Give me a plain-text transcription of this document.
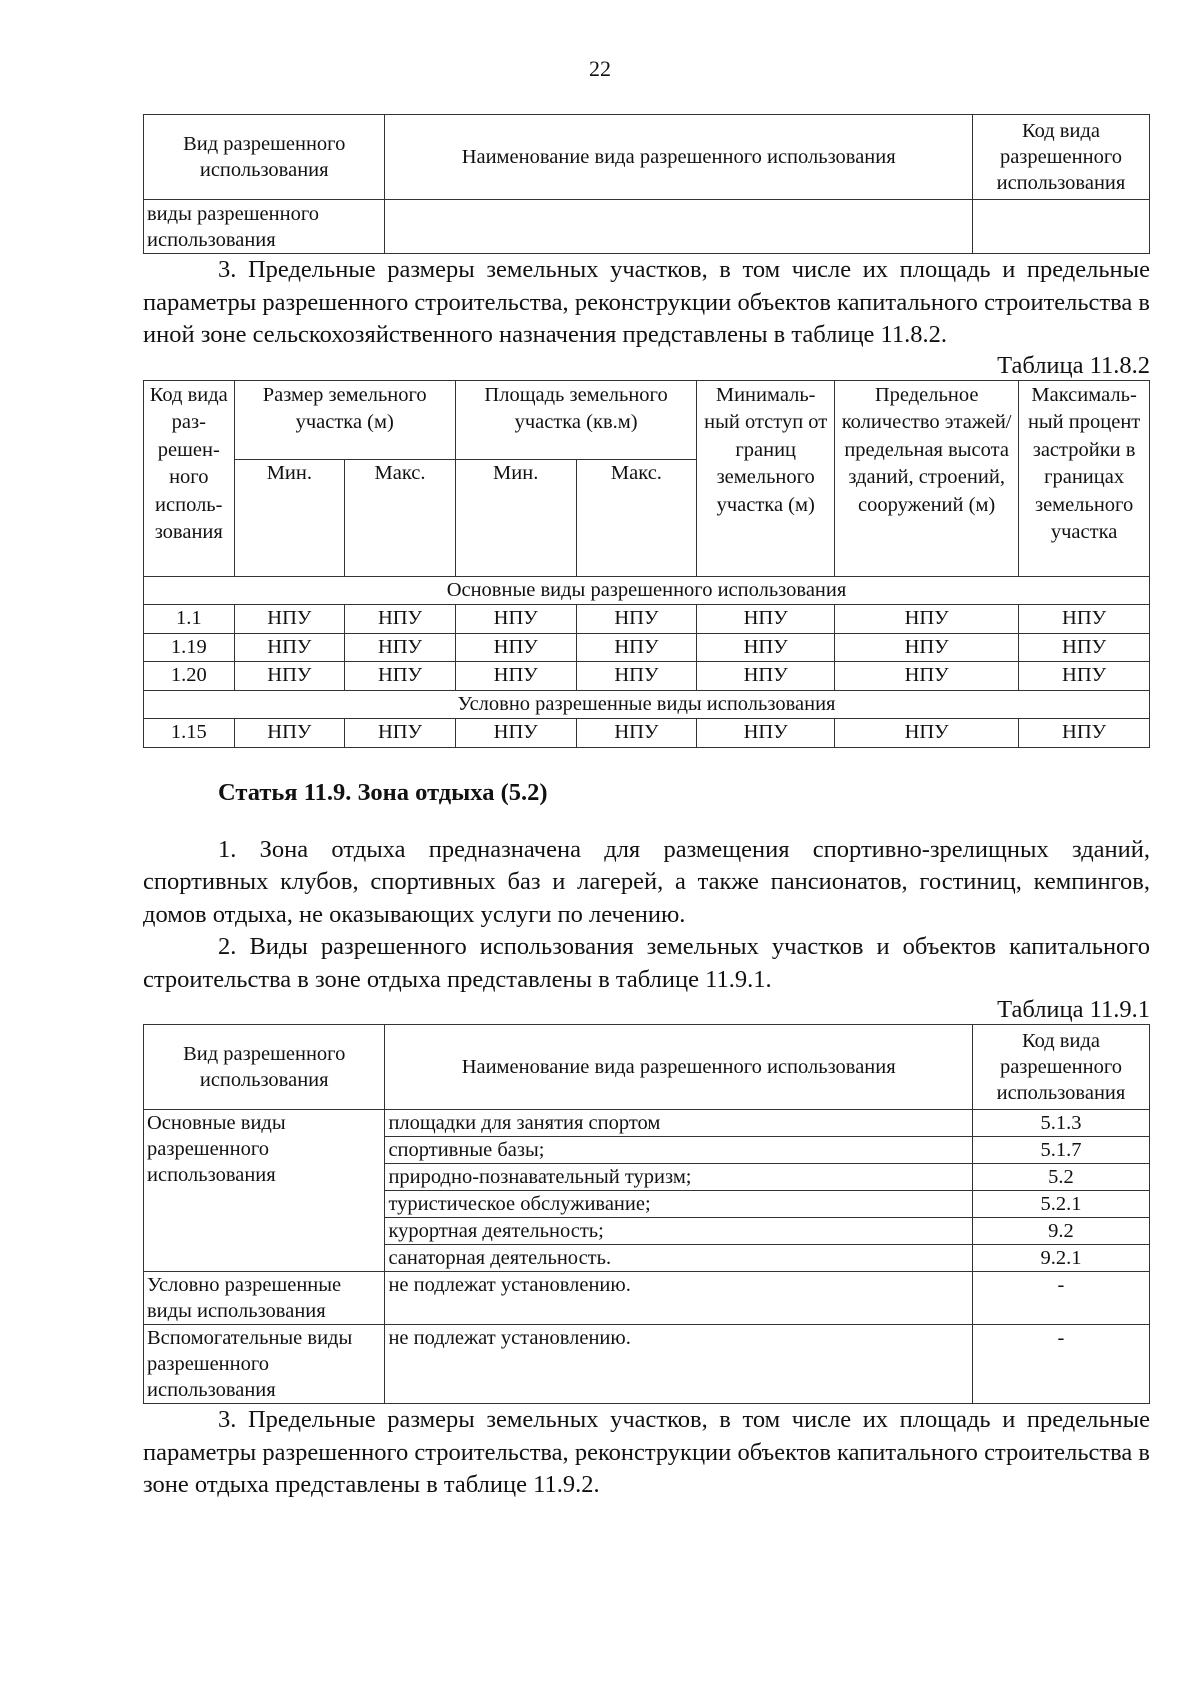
22
Вид разрешенного использования	Наименование вида разрешенного использования	Код вида разрешенного использования
виды разрешенного использования		

3. Предельные размеры земельных участков, в том числе их площадь и предельные параметры разрешенного строительства, реконструкции объектов капитального строительства в иной зоне сельскохозяйственного назначения представлены в таблице 11.8.2.

Таблица 11.8.2

Код вида раз-решен-ного исполь-зования	Размер земельного участка (м)		Площадь земельного участка (кв.м)		Минималь-ный отступ от границ земельного участка (м)	Предельное количество этажей/ предельная высота зданий, строений, сооружений (м)	Максималь-ный процент застройки в границах земельного участка
	Мин.	Макс.	Мин.	Макс.			
Основные виды разрешенного использования							
1.1	НПУ	НПУ	НПУ	НПУ	НПУ	НПУ	НПУ
1.19	НПУ	НПУ	НПУ	НПУ	НПУ	НПУ	НПУ
1.20	НПУ	НПУ	НПУ	НПУ	НПУ	НПУ	НПУ
Условно разрешенные виды использования							
1.15	НПУ	НПУ	НПУ	НПУ	НПУ	НПУ	НПУ
Статья 11.9. Зона отдыха (5.2)

1. Зона отдыха предназначена для размещения спортивно-зрелищных зданий, спортивных клубов, спортивных баз и лагерей, а также пансионатов, гостиниц, кемпингов, домов отдыха, не оказывающих услуги по лечению.

2. Виды разрешенного использования земельных участков и объектов капитального строительства в зоне отдыха представлены в таблице 11.9.1.

Таблица 11.9.1

Вид разрешенного использования	Наименование вида разрешенного использования	Код вида разрешенного использования
Основные виды разрешенного использования	площадки для занятия спортом	5.1.3
	спортивные базы;	5.1.7
	природно-познавательный туризм;	5.2
	туристическое обслуживание;	5.2.1
	курортная деятельность;	9.2
	санаторная деятельность.	9.2.1
Условно разрешенные виды использования	не подлежат установлению.	-
Вспомогательные виды разрешенного использования	не подлежат установлению.	-

3. Предельные размеры земельных участков, в том числе их площадь и предельные параметры разрешенного строительства, реконструкции объектов капитального строительства в зоне отдыха представлены в таблице 11.9.2.
